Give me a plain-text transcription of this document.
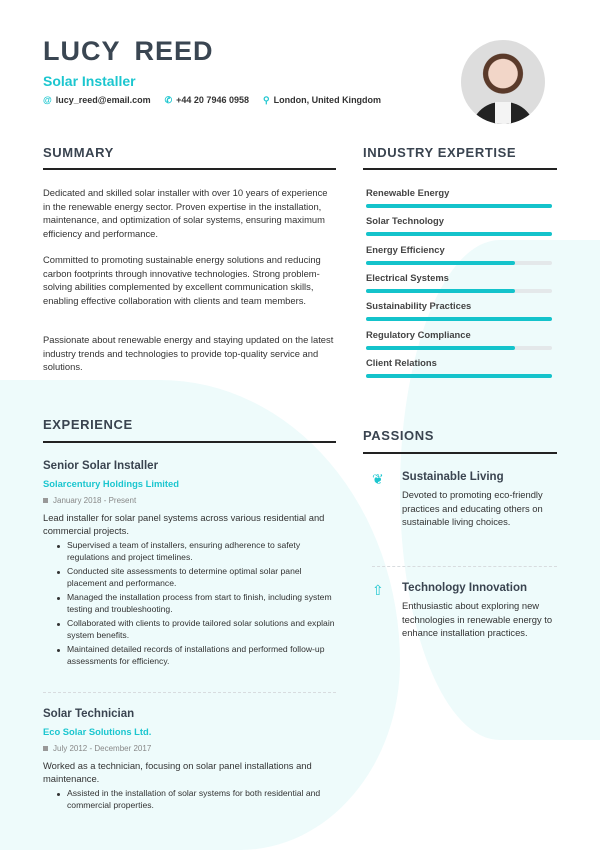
LUCY REED
Solar Installer
@ lucy_reed@email.com ✆ +44 20 7946 0958 ⚲ London, United Kingdom
SUMMARY
Dedicated and skilled solar installer with over 10 years of experience in the renewable energy sector. Proven expertise in the installation, maintenance, and optimization of solar systems, ensuring maximum efficiency and performance.
Committed to promoting sustainable energy solutions and reducing carbon footprints through innovative technologies. Strong problem-solving abilities complemented by excellent communication skills, enabling effective collaboration with clients and team members.
Passionate about renewable energy and staying updated on the latest industry trends and technologies to provide top-quality service and solutions.
INDUSTRY EXPERTISE
Renewable Energy
Solar Technology
Energy Efficiency
Electrical Systems
Sustainability Practices
Regulatory Compliance
Client Relations
EXPERIENCE
Senior Solar Installer
Solarcentury Holdings Limited
January 2018 - Present
Lead installer for solar panel systems across various residential and commercial projects.
Supervised a team of installers, ensuring adherence to safety regulations and project timelines.
Conducted site assessments to determine optimal solar panel placement and performance.
Managed the installation process from start to finish, including system testing and troubleshooting.
Collaborated with clients to provide tailored solar solutions and explain system benefits.
Maintained detailed records of installations and performed follow-up assessments for efficiency.
Solar Technician
Eco Solar Solutions Ltd.
July 2012 - December 2017
Worked as a technician, focusing on solar panel installations and maintenance.
Assisted in the installation of solar systems for both residential and commercial properties.
PASSIONS
❦	Sustainable Living
Devoted to promoting eco-friendly practices and educating others on sustainable living choices.
⇧	Technology Innovation
Enthusiastic about exploring new technologies in renewable energy to enhance installation practices.
